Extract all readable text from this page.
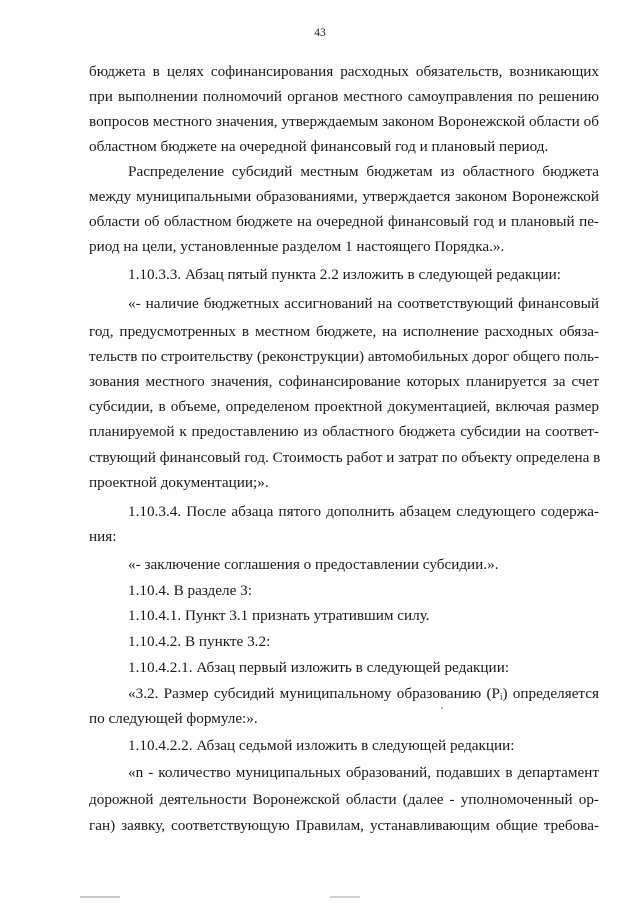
43
бюджета в целях софинансирования расходных обязательств, возникающих
при выполнении полномочий органов местного самоуправления по решению
вопросов местного значения, утверждаемым законом Воронежской области об
областном бюджете на очередной финансовый год и плановый период.
Распределение субсидий местным бюджетам из областного бюджета
между муниципальными образованиями, утверждается законом Воронежской
области об областном бюджете на очередной финансовый год и плановый пе-
риод на цели, установленные разделом 1 настоящего Порядка.».
1.10.3.3. Абзац пятый пункта 2.2 изложить в следующей редакции:
«- наличие бюджетных ассигнований на соответствующий финансовый
год, предусмотренных в местном бюджете, на исполнение расходных обяза-
тельств по строительству (реконструкции) автомобильных дорог общего поль-
зования местного значения, софинансирование которых планируется за счет
субсидии, в объеме, определеном проектной документацией, включая размер
планируемой к предоставлению из областного бюджета субсидии на соответ-
ствующий финансовый год. Стоимость работ и затрат по объекту определена в
проектной документации;».
1.10.3.4. После абзаца пятого дополнить абзацем следующего содержа-
ния:
«- заключение соглашения о предоставлении субсидии.».
1.10.4. В разделе 3:
1.10.4.1. Пункт 3.1 признать утратившим силу.
1.10.4.2. В пункте 3.2:
1.10.4.2.1. Абзац первый изложить в следующей редакции:
«3.2. Размер субсидий муниципальному образованию (Pᵢ) определяется
по следующей формуле:».
1.10.4.2.2. Абзац седьмой изложить в следующей редакции:
«n - количество муниципальных образований, подавших в департамент
дорожной деятельности Воронежской области (далее - уполномоченный ор-
ган) заявку, соответствующую Правилам, устанавливающим общие требова-
